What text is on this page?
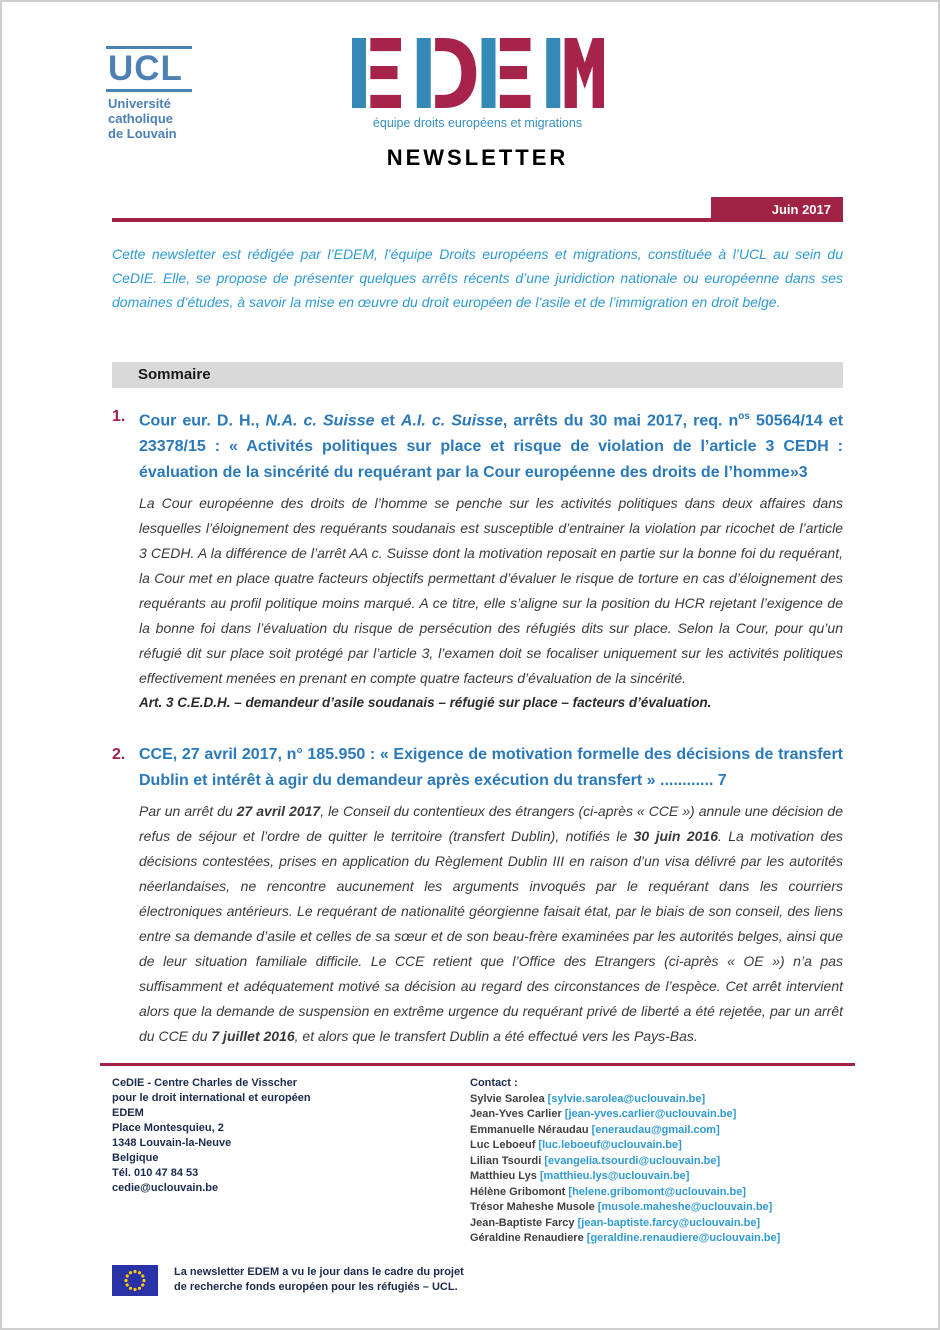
UCL
Université
catholique
de Louvain
équipe droits européens et migrations
NEWSLETTER
Juin 2017

Cette newsletter est rédigée par l’EDEM, l’équipe Droits européens et migrations, constituée à l’UCL au sein du CeDIE. Elle, se propose de présenter quelques arrêts récents d’une juridiction nationale ou européenne dans ses domaines d’études, à savoir la mise en œuvre du droit européen de l’asile et de l’immigration en droit belge.

Sommaire
1. Cour eur. D. H., N.A. c. Suisse et A.I. c. Suisse, arrêts du 30 mai 2017, req. $n^{os}$ 50564/14 et 23378/15 : « Activités politiques sur place et risque de violation de l’article 3 CEDH : évaluation de la sincérité du requérant par la Cour européenne des droits de l’homme»3

La Cour européenne des droits de l’homme se penche sur les activités politiques dans deux affaires dans lesquelles l’éloignement des requérants soudanais est susceptible d’entrainer la violation par ricochet de l’article 3 CEDH. A la différence de l’arrêt AA c. Suisse dont la motivation reposait en partie sur la bonne foi du requérant, la Cour met en place quatre facteurs objectifs permettant d’évaluer le risque de torture en cas d’éloignement des requérants au profil politique moins marqué. A ce titre, elle s’aligne sur la position du HCR rejetant l’exigence de la bonne foi dans l’évaluation du risque de persécution des réfugiés dits sur place. Selon la Cour, pour qu’un réfugié dit sur place soit protégé par l’article 3, l’examen doit se focaliser uniquement sur les activités politiques effectivement menées en prenant en compte quatre facteurs d’évaluation de la sincérité.

Art. 3 C.E.D.H. – demandeur d’asile soudanais – réfugié sur place – facteurs d’évaluation.

2. CCE, 27 avril 2017, n° 185.950 : « Exigence de motivation formelle des décisions de transfert Dublin et intérêt à agir du demandeur après exécution du transfert » ............ 7

Par un arrêt du 27 avril 2017, le Conseil du contentieux des étrangers (ci-après « CCE ») annule une décision de refus de séjour et l’ordre de quitter le territoire (transfert Dublin), notifiés le 30 juin 2016. La motivation des décisions contestées, prises en application du Règlement Dublin III en raison d’un visa délivré par les autorités néerlandaises, ne rencontre aucunement les arguments invoqués par le requérant dans les courriers électroniques antérieurs. Le requérant de nationalité géorgienne faisait état, par le biais de son conseil, des liens entre sa demande d’asile et celles de sa sœur et de son beau-frère examinées par les autorités belges, ainsi que de leur situation familiale difficile. Le CCE retient que l’Office des Etrangers (ci-après « OE ») n’a pas suffisamment et adéquatement motivé sa décision au regard des circonstances de l’espèce. Cet arrêt intervient alors que la demande de suspension en extrême urgence du requérant privé de liberté a été rejetée, par un arrêt du CCE du 7 juillet 2016, et alors que le transfert Dublin a été effectué vers les Pays-Bas.

CeDIE - Centre Charles de Visscher
pour le droit international et européen
EDEM
Place Montesquieu, 2
1348 Louvain-la-Neuve
Belgique
Tél. 010 47 84 53
cedie@uclouvain.be
Contact :
Sylvie Sarolea [sylvie.sarolea@uclouvain.be]
Jean-Yves Carlier [jean-yves.carlier@uclouvain.be]
Emmanuelle Néraudau [eneraudau@gmail.com]
Luc Leboeuf [luc.leboeuf@uclouvain.be]
Lilian Tsourdi [evangelia.tsourdi@uclouvain.be]
Matthieu Lys [matthieu.lys@uclouvain.be]
Hélène Gribomont [helene.gribomont@uclouvain.be]
Trésor Maheshe Musole [musole.maheshe@uclouvain.be]
Jean-Baptiste Farcy [jean-baptiste.farcy@uclouvain.be]
Géraldine Renaudiere [geraldine.renaudiere@uclouvain.be]
La newsletter EDEM a vu le jour dans le cadre du projet de recherche fonds européen pour les réfugiés – UCL.
